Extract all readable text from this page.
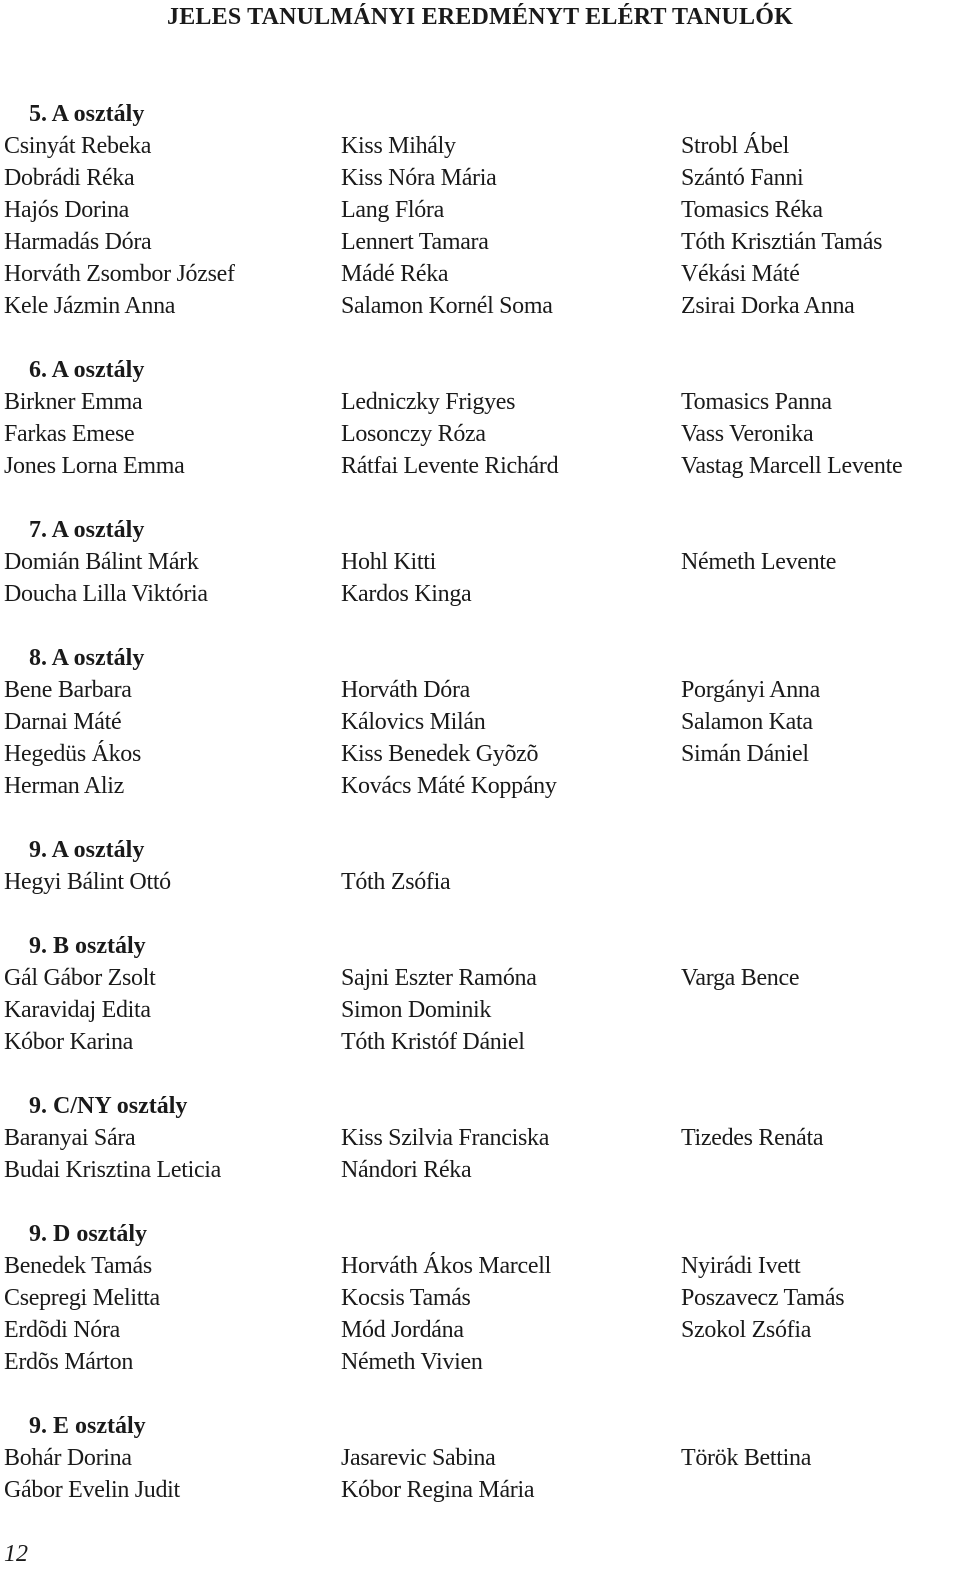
JELES TANULMÁNYI EREDMÉNYT ELÉRT TANULÓK
5. A osztály
Csinyát Rebeka	Kiss Mihály	Strobl Ábel
Dobrádi Réka	Kiss Nóra Mária	Szántó Fanni
Hajós Dorina	Lang Flóra	Tomasics Réka
Harmadás Dóra	Lennert Tamara	Tóth Krisztián Tamás
Horváth Zsombor József	Mádé Réka	Vékási Máté
Kele Jázmin Anna	Salamon Kornél Soma	Zsirai Dorka Anna
6. A osztály
Birkner Emma	Ledniczky Frigyes	Tomasics Panna
Farkas Emese	Losonczy Róza	Vass Veronika
Jones Lorna Emma	Rátfai Levente Richárd	Vastag Marcell Levente
7. A osztály
Domián Bálint Márk	Hohl Kitti	Németh Levente
Doucha Lilla Viktória	Kardos Kinga
8. A osztály
Bene Barbara	Horváth Dóra	Porgányi Anna
Darnai Máté	Kálovics Milán	Salamon Kata
Hegedüs Ákos	Kiss Benedek Gyõzõ	Simán Dániel
Herman Aliz	Kovács Máté Koppány
9. A osztály
Hegyi Bálint Ottó	Tóth Zsófia
9. B osztály
Gál Gábor Zsolt	Sajni Eszter Ramóna	Varga Bence
Karavidaj Edita	Simon Dominik
Kóbor Karina	Tóth Kristóf Dániel
9. C/NY osztály
Baranyai Sára	Kiss Szilvia Franciska	Tizedes Renáta
Budai Krisztina Leticia	Nándori Réka
9. D osztály
Benedek Tamás	Horváth Ákos Marcell	Nyirádi Ivett
Csepregi Melitta	Kocsis Tamás	Poszavecz Tamás
Erdõdi Nóra	Mód Jordána	Szokol Zsófia
Erdõs Márton	Németh Vivien
9. E osztály
Bohár Dorina	Jasarevic Sabina	Török Bettina
Gábor Evelin Judit	Kóbor Regina Mária
12
